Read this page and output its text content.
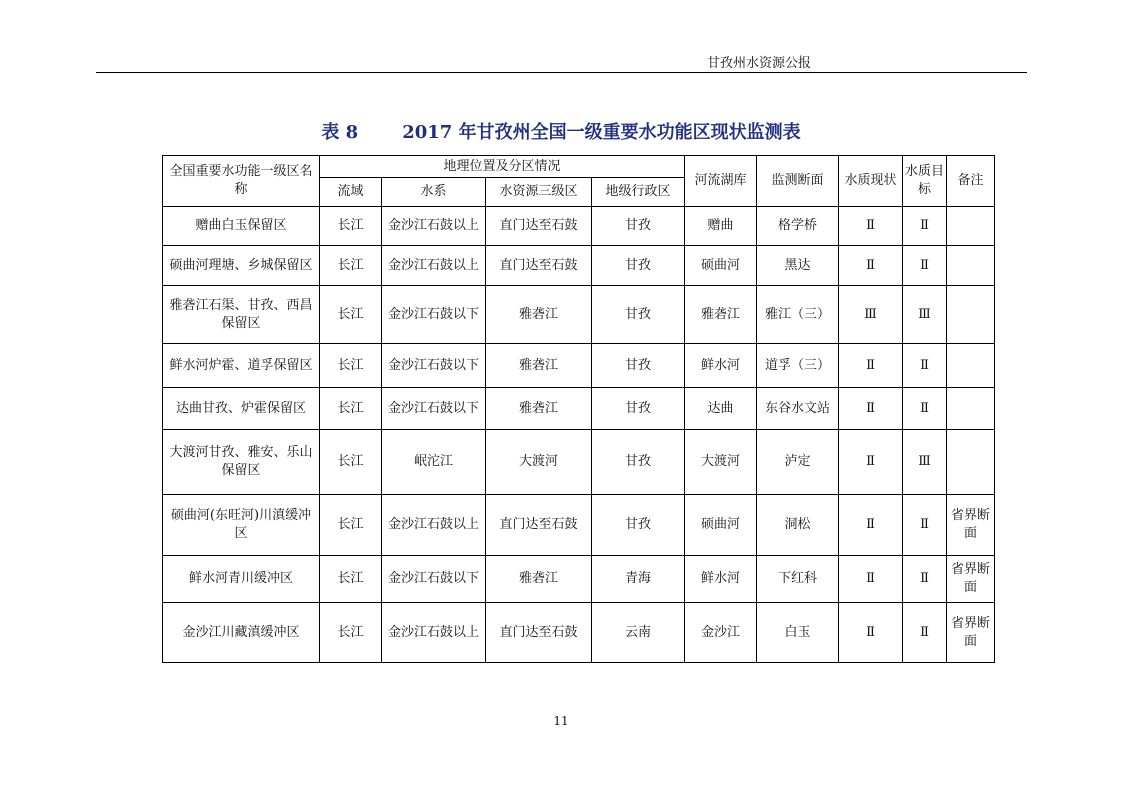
甘孜州水资源公报
表 8 2017 年甘孜州全国一级重要水功能区现状监测表
全国重要水功能一级区名称	地理位置及分区情况				河流湖库	监测断面	水质现状	水质目标	备注
	流域	水系	水资源三级区	地级行政区					
赠曲白玉保留区	长江	金沙江石鼓以上	直门达至石鼓	甘孜	赠曲	格学桥	Ⅱ	Ⅱ	
硕曲河理塘、乡城保留区	长江	金沙江石鼓以上	直门达至石鼓	甘孜	硕曲河	黑达	Ⅱ	Ⅱ	
雅砻江石渠、甘孜、西昌保留区	长江	金沙江石鼓以下	雅砻江	甘孜	雅砻江	雅江（三）	Ⅲ	Ⅲ	
鲜水河炉霍、道孚保留区	长江	金沙江石鼓以下	雅砻江	甘孜	鲜水河	道孚（三）	Ⅱ	Ⅱ	
达曲甘孜、炉霍保留区	长江	金沙江石鼓以下	雅砻江	甘孜	达曲	东谷水文站	Ⅱ	Ⅱ	
大渡河甘孜、雅安、乐山保留区	长江	岷沱江	大渡河	甘孜	大渡河	泸定	Ⅱ	Ⅲ	
硕曲河(东旺河)川滇缓冲区	长江	金沙江石鼓以上	直门达至石鼓	甘孜	硕曲河	洞松	Ⅱ	Ⅱ	省界断面
鲜水河青川缓冲区	长江	金沙江石鼓以下	雅砻江	青海	鲜水河	下红科	Ⅱ	Ⅱ	省界断面
金沙江川藏滇缓冲区	长江	金沙江石鼓以上	直门达至石鼓	云南	金沙江	白玉	Ⅱ	Ⅱ	省界断面
11
